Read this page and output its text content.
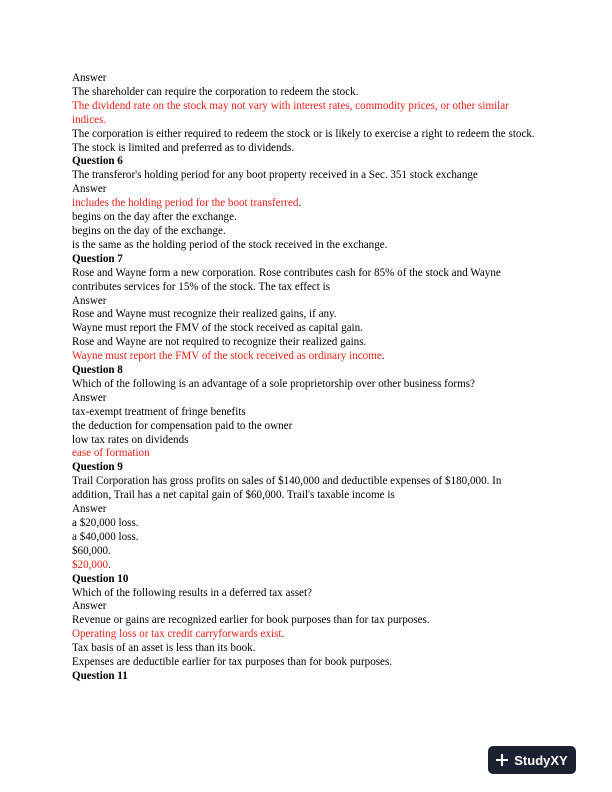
Answer

The shareholder can require the corporation to redeem the stock.

The dividend rate on the stock may not vary with interest rates, commodity prices, or other similar indices.

The corporation is either required to redeem the stock or is likely to exercise a right to redeem the stock.

The stock is limited and preferred as to dividends.

Question 6

The transferor's holding period for any boot property received in a Sec. 351 stock exchange

Answer

includes the holding period for the boot transferred.

begins on the day after the exchange.

begins on the day of the exchange.

is the same as the holding period of the stock received in the exchange.

Question 7

Rose and Wayne form a new corporation. Rose contributes cash for 85% of the stock and Wayne contributes services for 15% of the stock. The tax effect is

Answer

Rose and Wayne must recognize their realized gains, if any.

Wayne must report the FMV of the stock received as capital gain.

Rose and Wayne are not required to recognize their realized gains.

Wayne must report the FMV of the stock received as ordinary income.

Question 8

Which of the following is an advantage of a sole proprietorship over other business forms?

Answer

tax-exempt treatment of fringe benefits

the deduction for compensation paid to the owner

low tax rates on dividends

ease of formation

Question 9

Trail Corporation has gross profits on sales of $140,000 and deductible expenses of $180,000. In addition, Trail has a net capital gain of $60,000. Trail's taxable income is

Answer

a $20,000 loss.

a $40,000 loss.

$60,000.

$20,000.

Question 10

Which of the following results in a deferred tax asset?

Answer

Revenue or gains are recognized earlier for book purposes than for tax purposes.

Operating loss or tax credit carryforwards exist.

Tax basis of an asset is less than its book.

Expenses are deductible earlier for tax purposes than for book purposes.

Question 11

StudyXY
